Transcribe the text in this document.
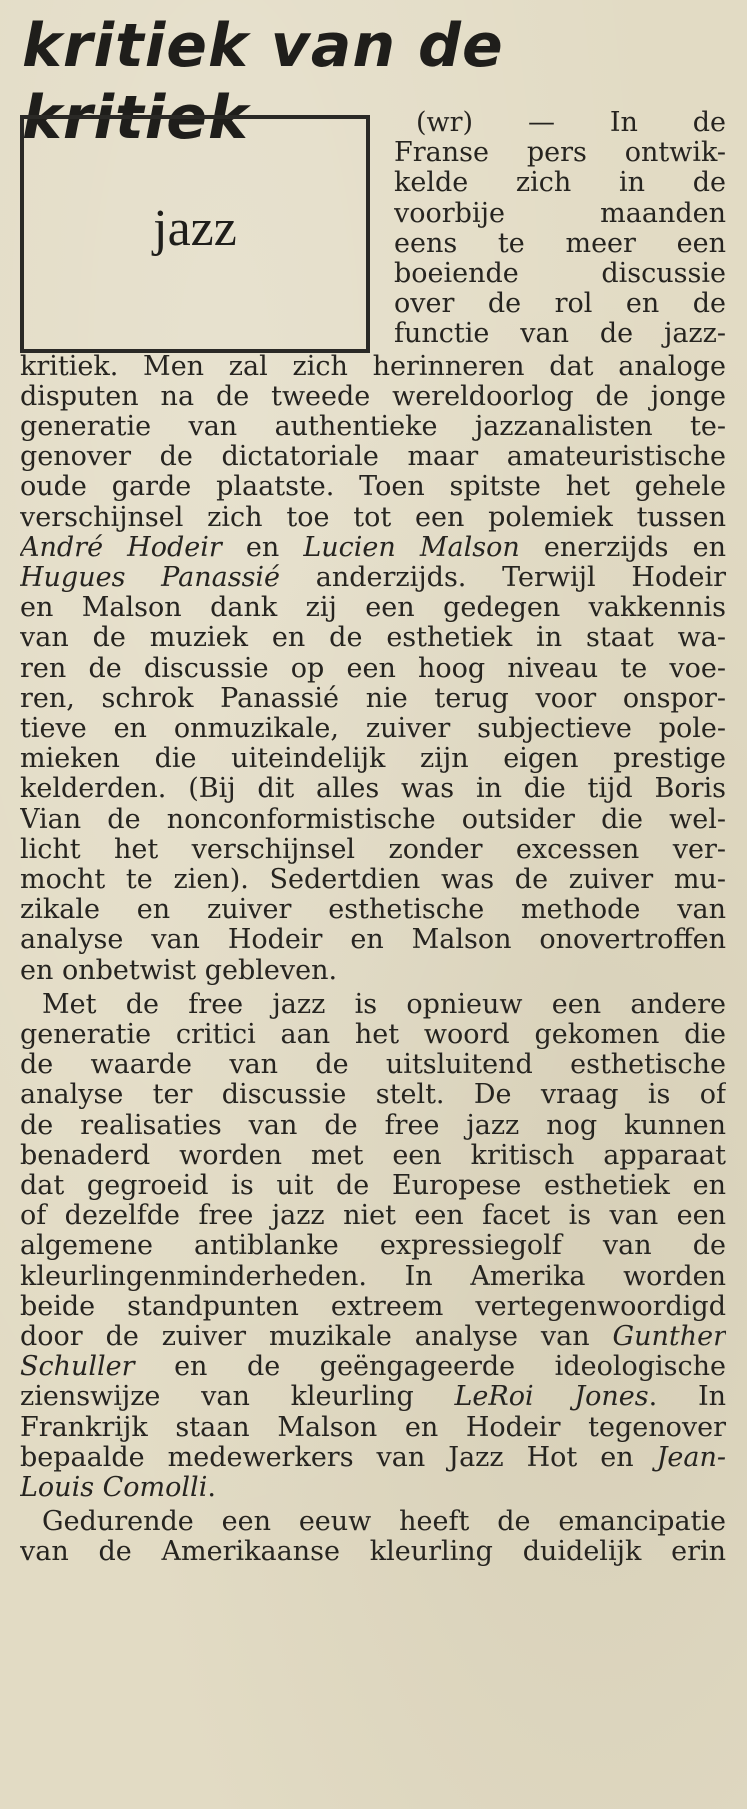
kritiek van de kritiek
jazz
(wr) — In de
Franse pers ontwik-
kelde zich in de
voorbije maanden
eens te meer een
boeiende discussie
over de rol en de
functie van de jazz-
kritiek. Men zal zich herinneren dat analoge
disputen na de tweede wereldoorlog de jonge
generatie van authentieke jazzanalisten te-
genover de dictatoriale maar amateuristische
oude garde plaatste. Toen spitste het gehele
verschijnsel zich toe tot een polemiek tussen
André Hodeir en Lucien Malson enerzijds en
Hugues Panassié anderzijds. Terwijl Hodeir
en Malson dank zij een gedegen vakkennis
van de muziek en de esthetiek in staat wa-
ren de discussie op een hoog niveau te voe-
ren, schrok Panassié nie terug voor onspor-
tieve en onmuzikale, zuiver subjectieve pole-
mieken die uiteindelijk zijn eigen prestige
kelderden. (Bij dit alles was in die tijd Boris
Vian de nonconformistische outsider die wel-
licht het verschijnsel zonder excessen ver-
mocht te zien). Sedertdien was de zuiver mu-
zikale en zuiver esthetische methode van
analyse van Hodeir en Malson onovertroffen
en onbetwist gebleven.
Met de free jazz is opnieuw een andere
generatie critici aan het woord gekomen die
de waarde van de uitsluitend esthetische
analyse ter discussie stelt. De vraag is of
de realisaties van de free jazz nog kunnen
benaderd worden met een kritisch apparaat
dat gegroeid is uit de Europese esthetiek en
of dezelfde free jazz niet een facet is van een
algemene antiblanke expressiegolf van de
kleurlingenminderheden. In Amerika worden
beide standpunten extreem vertegenwoordigd
door de zuiver muzikale analyse van Gunther
Schuller en de geëngageerde ideologische
zienswijze van kleurling LeRoi Jones. In
Frankrijk staan Malson en Hodeir tegenover
bepaalde medewerkers van Jazz Hot en Jean-
Louis Comolli.
Gedurende een eeuw heeft de emancipatie
van de Amerikaanse kleurling duidelijk erin
